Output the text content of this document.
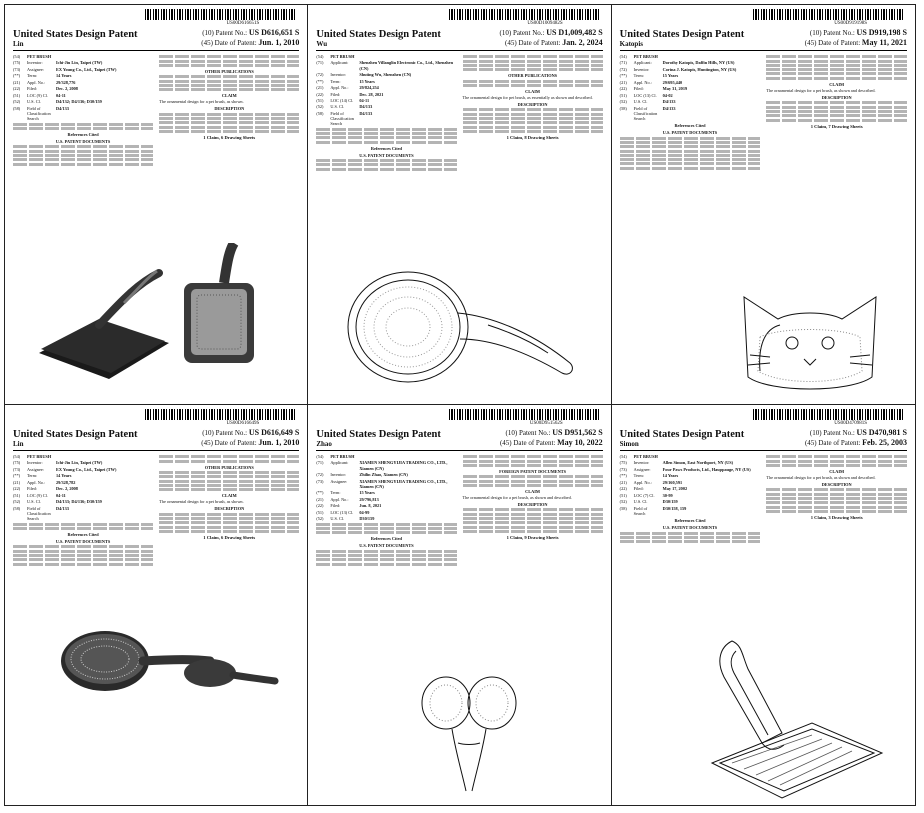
US00D616651S
United States Design Patent
Lin
(10) Patent No.: US D616,651 S
(45) Date of Patent: Jun. 1, 2010
(54)	PET BRUSH
(75)	Inventor:	Ichi-Jiu Lin, Taipei (TW)
(73)	Assignee:	EX Young Co., Ltd., Taipei (TW)
(**)	Term:	14 Years
(21)	Appl. No.:	29/328,776
(22)	Filed:	Dec. 2, 2008
(51)	LOC (9) Cl.	04-11
(52)	U.S. Cl.	D4/132; D4/136; D30/159
(58)	Field of Classification Search
D4/133
References Cited
U.S. PATENT DOCUMENTS
OTHER PUBLICATIONS
CLAIM
The ornamental design for a pet brush, as shown.
DESCRIPTION
1 Claim, 6 Drawing Sheets
US00D1009482S
United States Design Patent
Wu
(10) Patent No.: US D1,009,482 S
(45) Date of Patent: Jan. 2, 2024
(54)	PET BRUSH
(71)	Applicant:	Shenzhen Villanglin Electronic Co., Ltd., Shenzhen (CN)
(72)	Inventor:	Shuting Wu, Shenzhen (CN)
(**)	Term:	15 Years
(21)	Appl. No.:	29/824,254
(22)	Filed:	Dec. 28, 2021
(51)	LOC (14) Cl.	04-11
(52)	U.S. Cl.	D4/133
(58)	Field of Classification Search
D4/133
References Cited
U.S. PATENT DOCUMENTS
OTHER PUBLICATIONS
CLAIM
The ornamental design for pet brush, as essentially as shown and described.
DESCRIPTION
1 Claim, 8 Drawing Sheets
US00D919198S
United States Design Patent
Katopis
(10) Patent No.: US D919,198 S
(45) Date of Patent: May 11, 2021
(54)	PET BRUSH
(71)	Applicant:	Dorothy Katopis, Daffin Hills, NY (US)
(72)	Inventor:	Corina J. Katopis, Huntington, NY (US)
(**)	Term:	15 Years
(21)	Appl. No.:	29/695,440
(22)	Filed:	May 31, 2019
(51)	LOC (13) Cl.	04-02
(52)	U.S. Cl.	D4/133
(58)	Field of Classification Search
D4/133
References Cited
U.S. PATENT DOCUMENTS
CLAIM
The ornamental design for a pet brush, as shown and described.
DESCRIPTION
1 Claim, 7 Drawing Sheets
US00D616649S
United States Design Patent
Lin
(10) Patent No.: US D616,649 S
(45) Date of Patent: Jun. 1, 2010
(54)	PET BRUSH
(75)	Inventor:	Ichi-Jiu Lin, Taipei (TW)
(73)	Assignee:	EX Young Co., Ltd., Taipei (TW)
(**)	Term:	14 Years
(21)	Appl. No.:	29/328,782
(22)	Filed:	Dec. 2, 2008
(51)	LOC (9) Cl.	04-11
(52)	U.S. Cl.	D4/133; D4/136; D30/159
(58)	Field of Classification Search
D4/133
References Cited
U.S. PATENT DOCUMENTS
OTHER PUBLICATIONS
CLAIM
The ornamental design for a pet brush, as shown.
DESCRIPTION
1 Claim, 6 Drawing Sheets
US00D951562S
United States Design Patent
Zhao
(10) Patent No.: US D951,562 S
(45) Date of Patent: May 10, 2022
(54)	PET BRUSH
(71)	Applicant:	XIAMEN SHENGYIJIA TRADING CO., LTD., Xiamen (CN)
(72)	Inventor:	Zhilin Zhao, Xiamen (CN)
(73)	Assignee:	XIAMEN SHENGYIJIA TRADING CO., LTD., Xiamen (CN)
(**)	Term:	15 Years
(21)	Appl. No.:	29/796,813
(22)	Filed:	Jun. 8, 2021
(51)	LOC (13) Cl.	04-99
(52)	U.S. Cl.	D30/159
References Cited
U.S. PATENT DOCUMENTS
FOREIGN PATENT DOCUMENTS
CLAIM
The ornamental design for a pet brush, as shown and described.
DESCRIPTION
1 Claim, 9 Drawing Sheets
US00D470981S
United States Design Patent
Simon
(10) Patent No.: US D470,981 S
(45) Date of Patent: Feb. 25, 2003
(54)	PET BRUSH
(75)	Inventor:	Allen Simon, East Northport, NY (US)
(73)	Assignee:	Four Paws Products, Ltd., Hauppauge, NY (US)
(**)	Term:	14 Years
(21)	Appl. No.:	29/160,591
(22)	Filed:	May 17, 2002
(51)	LOC (7) Cl.	30-99
(52)	U.S. Cl.	D30/159
(58)	Field of Search
D30/158, 159
References Cited
U.S. PATENT DOCUMENTS
CLAIM
The ornamental design for a pet brush, as shown and described.
DESCRIPTION
1 Claim, 3 Drawing Sheets
